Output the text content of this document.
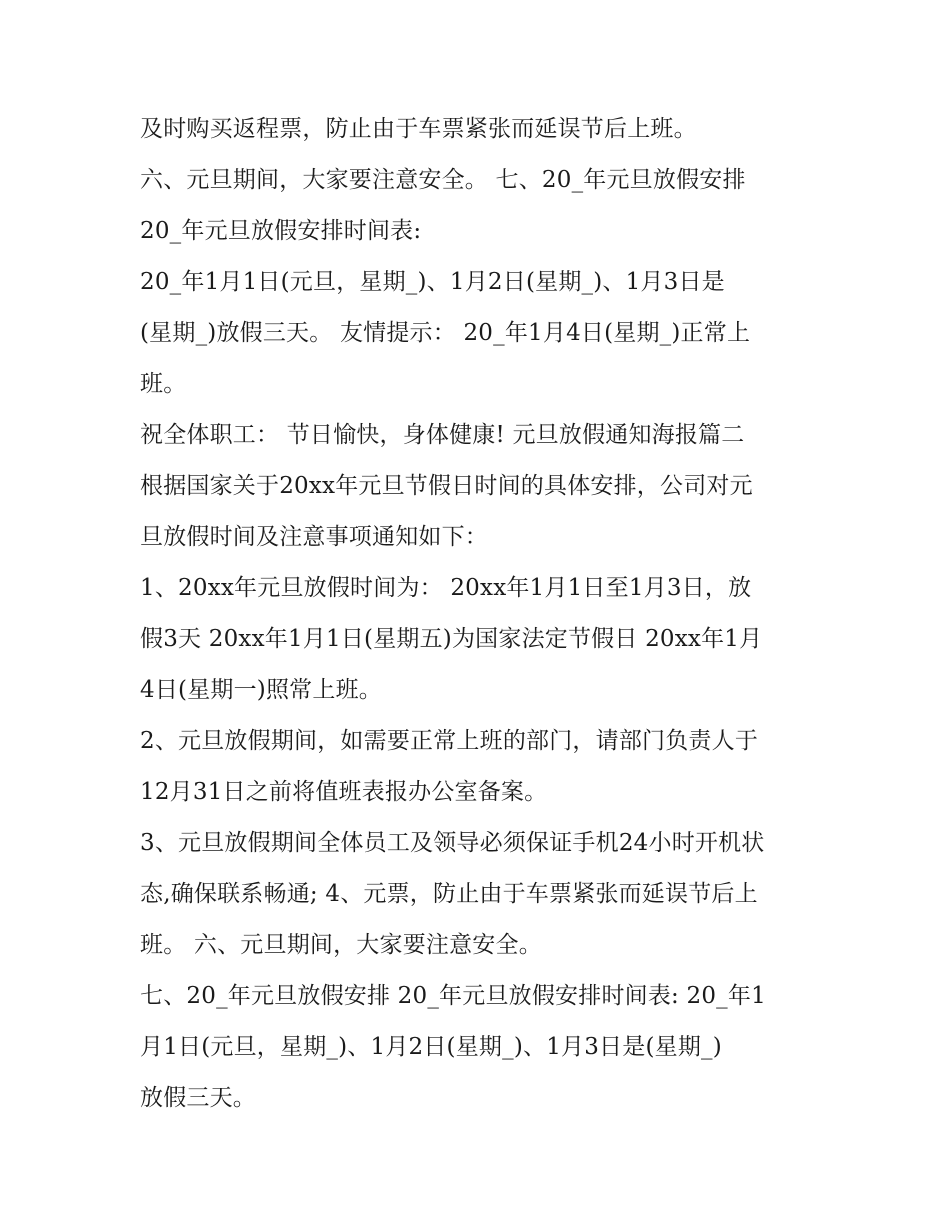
及时购买返程票，防止由于车票紧张而延误节后上班。
六、元旦期间，大家要注意安全。 七、20_年元旦放假安排
20_年元旦放假安排时间表:
20_年1月1日(元旦，星期_)、1月2日(星期_)、1月3日是
(星期_)放假三天。 友情提示： 20_年1月4日(星期_)正常上
班。
祝全体职工： 节日愉快，身体健康! 元旦放假通知海报篇二
根据国家关于20xx年元旦节假日时间的具体安排，公司对元
旦放假时间及注意事项通知如下：
1、20xx年元旦放假时间为： 20xx年1月1日至1月3日，放
假3天 20xx年1月1日(星期五)为国家法定节假日 20xx年1月
4日(星期一)照常上班。
2、元旦放假期间，如需要正常上班的部门，请部门负责人于
12月31日之前将值班表报办公室备案。
3、元旦放假期间全体员工及领导必须保证手机24小时开机状
态,确保联系畅通; 4、元票，防止由于车票紧张而延误节后上
班。 六、元旦期间，大家要注意安全。
七、20_年元旦放假安排 20_年元旦放假安排时间表: 20_年1
月1日(元旦，星期_)、1月2日(星期_)、1月3日是(星期_)
放假三天。
